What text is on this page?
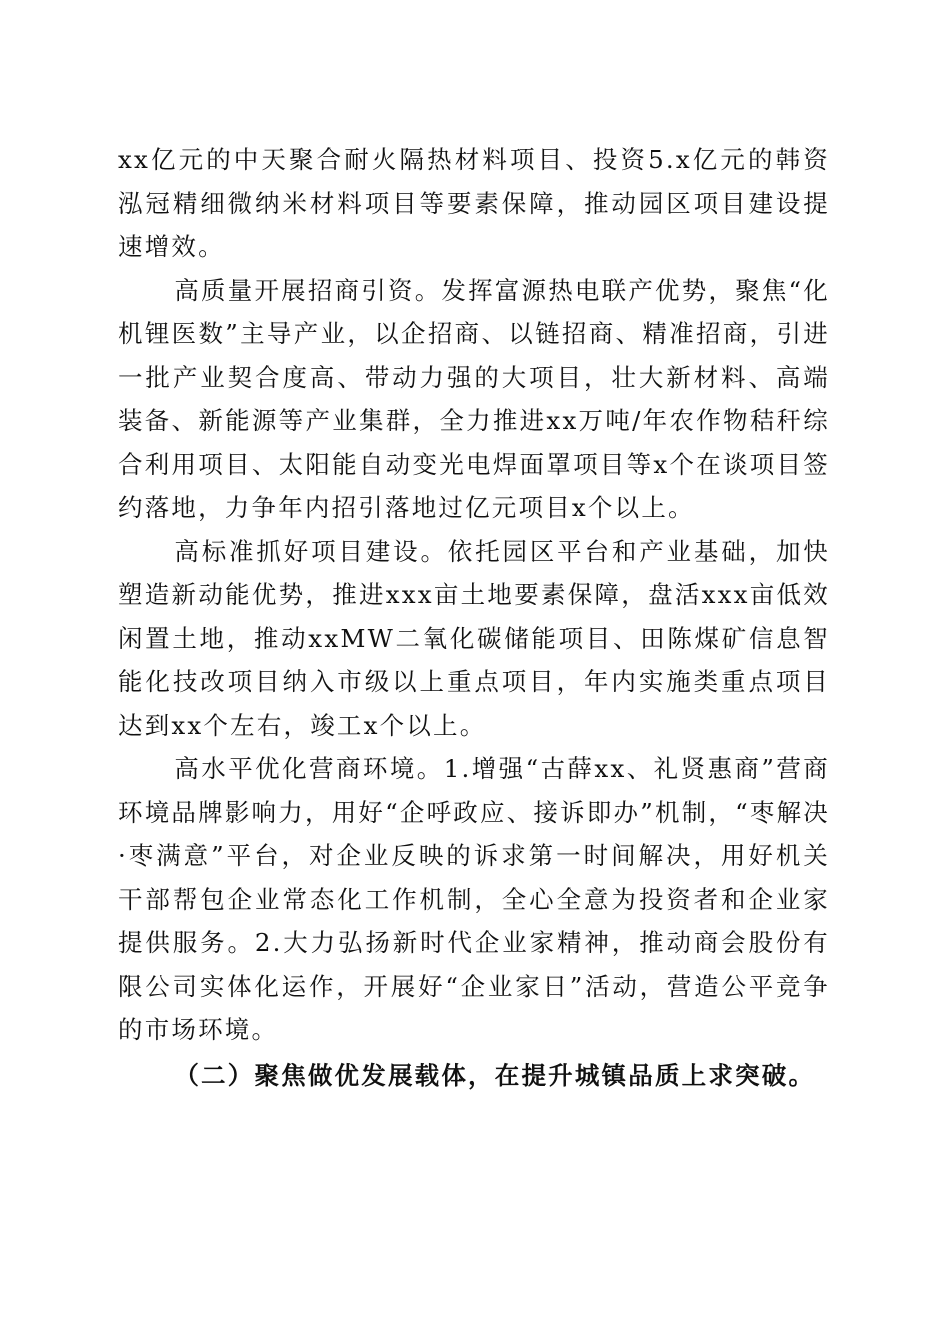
xx亿元的中天聚合耐火隔热材料项目、投资5.x亿元的韩资泓冠精细微纳米材料项目等要素保障，推动园区项目建设提速增效。

高质量开展招商引资。发挥富源热电联产优势，聚焦“化机锂医数”主导产业，以企招商、以链招商、精准招商，引进一批产业契合度高、带动力强的大项目，壮大新材料、高端装备、新能源等产业集群，全力推进xx万吨/年农作物秸秆综合利用项目、太阳能自动变光电焊面罩项目等x个在谈项目签约落地，力争年内招引落地过亿元项目x个以上。

高标准抓好项目建设。依托园区平台和产业基础，加快塑造新动能优势，推进xxx亩土地要素保障，盘活xxx亩低效闲置土地，推动xxMW二氧化碳储能项目、田陈煤矿信息智能化技改项目纳入市级以上重点项目，年内实施类重点项目达到xx个左右，竣工x个以上。

高水平优化营商环境。1.增强“古薛xx、礼贤惠商”营商环境品牌影响力，用好“企呼政应、接诉即办”机制，“枣解决·枣满意”平台，对企业反映的诉求第一时间解决，用好机关干部帮包企业常态化工作机制，全心全意为投资者和企业家提供服务。2.大力弘扬新时代企业家精神，推动商会股份有限公司实体化运作，开展好“企业家日”活动，营造公平竞争的市场环境。

（二）聚焦做优发展载体，在提升城镇品质上求突破。
